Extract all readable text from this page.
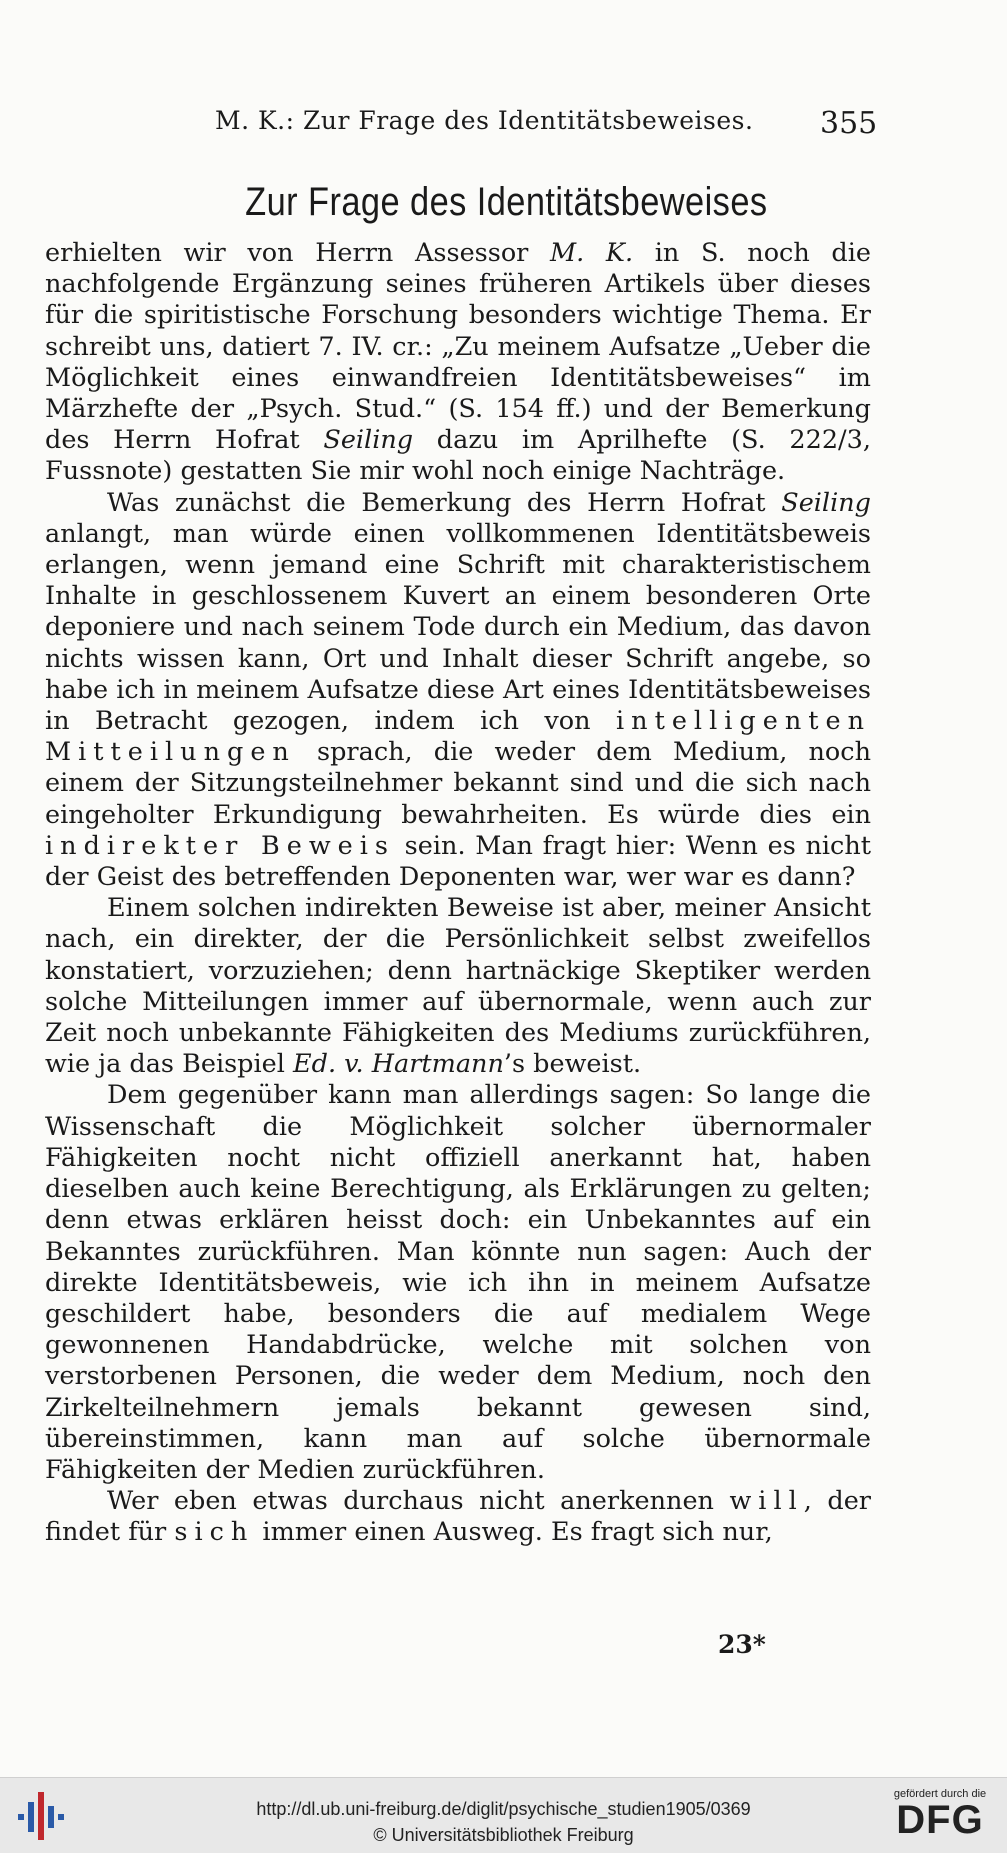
M. K.: Zur Frage des Identitätsbeweises.	355
Zur Frage des Identitätsbeweises

erhielten wir von Herrn Assessor M. K. in S. noch die nachfolgende Ergänzung seines früheren Artikels über dieses für die spiritistische Forschung besonders wichtige Thema. Er schreibt uns, datiert 7. IV. cr.: „Zu meinem Aufsatze „Ueber die Möglichkeit eines einwandfreien Identitätsbeweises“ im Märzhefte der „Psych. Stud.“ (S. 154 ff.) und der Bemerkung des Herrn Hofrat Seiling dazu im Aprilhefte (S. 222/3, Fussnote) gestatten Sie mir wohl noch einige Nachträge.

Was zunächst die Bemerkung des Herrn Hofrat Seiling anlangt, man würde einen vollkommenen Identitätsbeweis erlangen, wenn jemand eine Schrift mit charakteristischem Inhalte in geschlossenem Kuvert an einem besonderen Orte deponiere und nach seinem Tode durch ein Medium, das davon nichts wissen kann, Ort und Inhalt dieser Schrift angebe, so habe ich in meinem Aufsatze diese Art eines Identitätsbeweises in Betracht gezogen, indem ich von intelligenten Mitteilungen sprach, die weder dem Medium, noch einem der Sitzungsteilnehmer bekannt sind und die sich nach eingeholter Erkundigung bewahrheiten. Es würde dies ein indirekter Beweis sein. Man fragt hier: Wenn es nicht der Geist des betreffenden Deponenten war, wer war es dann?

Einem solchen indirekten Beweise ist aber, meiner Ansicht nach, ein direkter, der die Persönlichkeit selbst zweifellos konstatiert, vorzuziehen; denn hartnäckige Skeptiker werden solche Mitteilungen immer auf übernormale, wenn auch zur Zeit noch unbekannte Fähigkeiten des Mediums zurückführen, wie ja das Beispiel Ed. v. Hartmann’s beweist.

Dem gegenüber kann man allerdings sagen: So lange die Wissenschaft die Möglichkeit solcher übernormaler Fähigkeiten nocht nicht offiziell anerkannt hat, haben dieselben auch keine Berechtigung, als Erklärungen zu gelten; denn etwas erklären heisst doch: ein Unbekanntes auf ein Bekanntes zurückführen. Man könnte nun sagen: Auch der direkte Identitätsbeweis, wie ich ihn in meinem Aufsatze geschildert habe, besonders die auf medialem Wege gewonnenen Handabdrücke, welche mit solchen von verstorbenen Personen, die weder dem Medium, noch den Zirkelteilnehmern jemals bekannt gewesen sind, übereinstimmen, kann man auf solche übernormale Fähigkeiten der Medien zurückführen.

Wer eben etwas durchaus nicht anerkennen will, der findet für sich immer einen Ausweg. Es fragt sich nur,

23*
http://dl.ub.uni-freiburg.de/diglit/psychische_studien1905/0369
© Universitätsbibliothek Freiburg
gefördert durch die
DFG
